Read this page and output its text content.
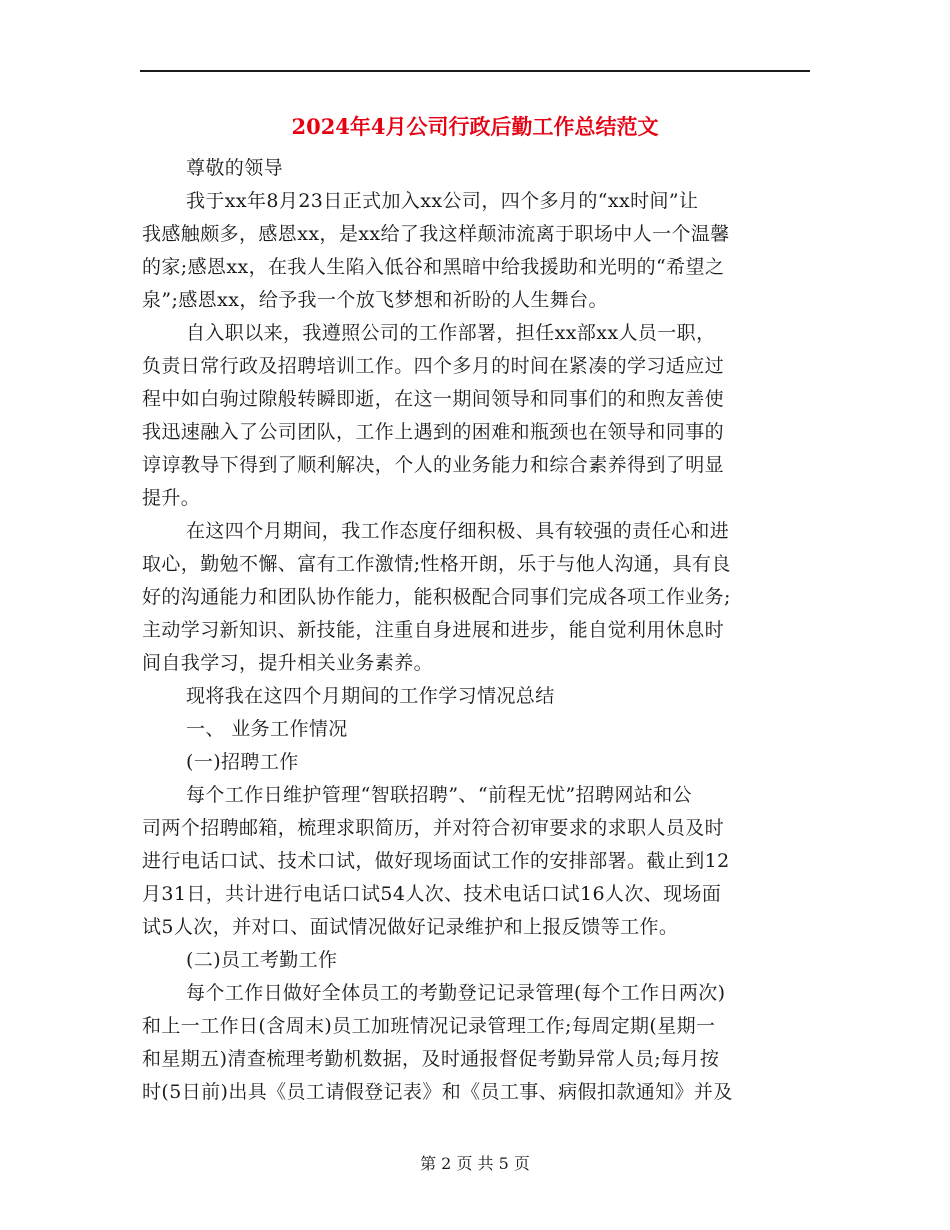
2024年4月公司行政后勤工作总结范文
尊敬的领导
我于xx年8月23日正式加入xx公司，四个多月的“xx时间”让
我感触颇多，感恩xx，是xx给了我这样颠沛流离于职场中人一个温馨
的家;感恩xx，在我人生陷入低谷和黑暗中给我援助和光明的“希望之
泉”;感恩xx，给予我一个放飞梦想和祈盼的人生舞台。
自入职以来，我遵照公司的工作部署，担任xx部xx人员一职，
负责日常行政及招聘培训工作。四个多月的时间在紧凑的学习适应过
程中如白驹过隙般转瞬即逝，在这一期间领导和同事们的和煦友善使
我迅速融入了公司团队，工作上遇到的困难和瓶颈也在领导和同事的
谆谆教导下得到了顺利解决，个人的业务能力和综合素养得到了明显
提升。
在这四个月期间，我工作态度仔细积极、具有较强的责任心和进
取心，勤勉不懈、富有工作激情;性格开朗，乐于与他人沟通，具有良
好的沟通能力和团队协作能力，能积极配合同事们完成各项工作业务;
主动学习新知识、新技能，注重自身进展和进步，能自觉利用休息时
间自我学习，提升相关业务素养。
现将我在这四个月期间的工作学习情况总结
一、 业务工作情况
(一)招聘工作
每个工作日维护管理“智联招聘”、“前程无忧”招聘网站和公
司两个招聘邮箱，梳理求职简历，并对符合初审要求的求职人员及时
进行电话口试、技术口试，做好现场面试工作的安排部署。截止到12
月31日，共计进行电话口试54人次、技术电话口试16人次、现场面
试5人次，并对口、面试情况做好记录维护和上报反馈等工作。
(二)员工考勤工作
每个工作日做好全体员工的考勤登记记录管理(每个工作日两次)
和上一工作日(含周末)员工加班情况记录管理工作;每周定期(星期一
和星期五)清查梳理考勤机数据，及时通报督促考勤异常人员;每月按
时(5日前)出具《员工请假登记表》和《员工事、病假扣款通知》并及
第 2 页 共 5 页
